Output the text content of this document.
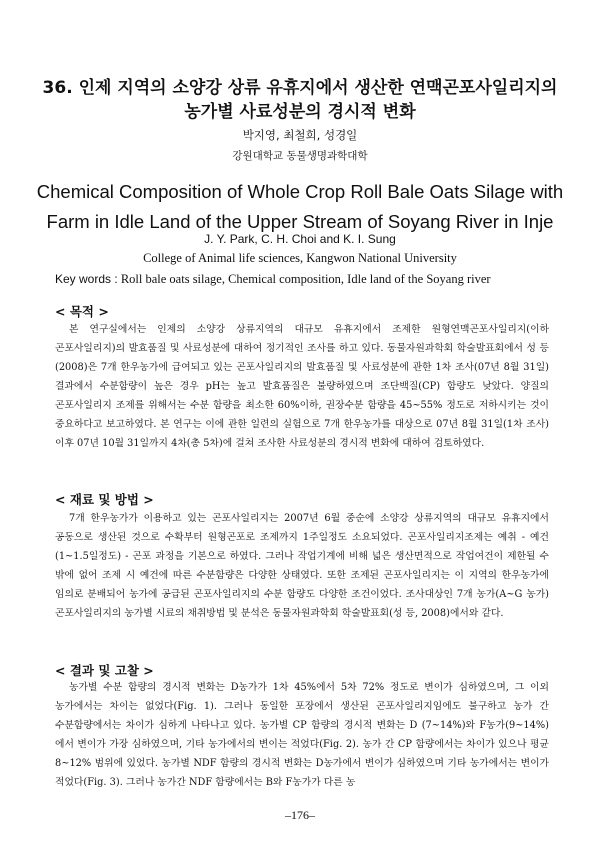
36. 인제 지역의 소양강 상류 유휴지에서 생산한 연맥곤포사일리지의
농가별 사료성분의 경시적 변화
박지영, 최철희, 성경일
강원대학교 동물생명과학대학
Chemical Composition of Whole Crop Roll Bale Oats Silage with
Farm in Idle Land of the Upper Stream of Soyang River in Inje
J. Y. Park, C. H. Choi and K. I. Sung
College of Animal life sciences, Kangwon National University
Key words : Roll bale oats silage, Chemical composition, Idle land of the Soyang river
< 목적 >
본 연구실에서는 인제의 소양강 상류지역의 대규모 유휴지에서 조제한 원형연맥곤포사일리지(이하 곤포사일리지)의 발효품질 및 사료성분에 대하여 정기적인 조사를 하고 있다. 동물자원과학회 학술발표회에서 성 등(2008)은 7개 한우농가에 급여되고 있는 곤포사일리지의 발효품질 및 사료성분에 관한 1차 조사(07년 8월 31일) 결과에서 수분함량이 높은 경우 pH는 높고 발효품질은 불량하였으며 조단백질(CP) 함량도 낮았다. 양질의 곤포사일리지 조제를 위해서는 수분 함량을 최소한 60%이하, 권장수분 함량을 45~55% 정도로 저하시키는 것이 중요하다고 보고하였다. 본 연구는 이에 관한 일련의 실험으로 7개 한우농가를 대상으로 07년 8월 31일(1차 조사) 이후 07년 10월 31일까지 4차(총 5차)에 걸쳐 조사한 사료성분의 경시적 변화에 대하여 검토하였다.
< 재료 및 방법 >
7개 한우농가가 이용하고 있는 곤포사일리지는 2007년 6월 중순에 소양강 상류지역의 대규모 유휴지에서 공동으로 생산된 것으로 수확부터 원형곤포로 조제까지 1주일정도 소요되었다. 곤포사일리지조제는 예취 - 예건(1~1.5일정도) - 곤포 과정을 기본으로 하였다. 그러나 작업기계에 비해 넓은 생산면적으로 작업여건이 제한될 수 밖에 없어 조제 시 예건에 따른 수분함량은 다양한 상태였다. 또한 조제된 곤포사일리지는 이 지역의 한우농가에 임의로 분배되어 농가에 공급된 곤포사일리지의 수분 함량도 다양한 조건이었다. 조사대상인 7개 농가(A~G 농가) 곤포사일리지의 농가별 시료의 채취방법 및 분석은 동물자원과학회 학술발표회(성 등, 2008)에서와 같다.
< 결과 및 고찰 >
농가별 수분 함량의 경시적 변화는 D농가가 1차 45%에서 5차 72% 정도로 변이가 심하였으며, 그 이외 농가에서는 차이는 없었다(Fig. 1). 그러나 동일한 포장에서 생산된 곤포사일리지임에도 불구하고 농가 간 수분함량에서는 차이가 심하게 나타나고 있다. 농가별 CP 함량의 경시적 변화는 D (7~14%)와 F농가(9~14%)에서 변이가 가장 심하였으며, 기타 농가에서의 변이는 적었다(Fig. 2). 농가 간 CP 함량에서는 차이가 있으나 평균 8~12% 범위에 있었다. 농가별 NDF 함량의 경시적 변화는 D농가에서 변이가 심하였으며 기타 농가에서는 변이가 적었다(Fig. 3). 그러나 농가간 NDF 함량에서는 B와 F농가가 다른 농
–176–
